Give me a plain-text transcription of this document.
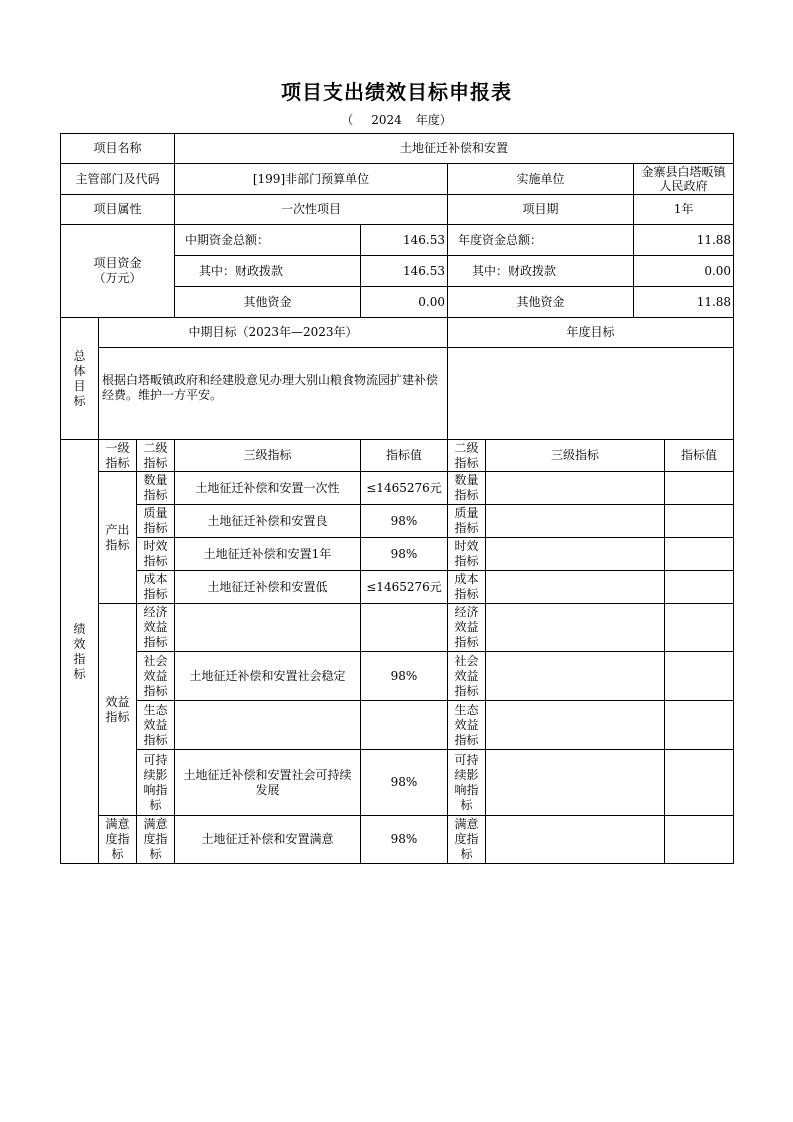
项目支出绩效目标申报表
（ 2024 年度）
项目名称			土地征迁补偿和安置					
主管部门及代码			[199]非部门预算单位		实施单位		金寨县白塔畈镇
人民政府	

项目属性			一次性项目		项目期		1年	

项目资金
（万元）			中期资金总额：	146.53	年度资金总额：		11.88	
			其中：财政拨款	146.53	其中：财政拨款		0.00	
			其他资金	0.00	其他资金		11.88	
总体目标	中期目标（2023年—2023年）				年度目标			
	根据白塔畈镇政府和经建股意见办理大别山粮食物流园扩建补偿经费。维护一方平安。							
绩效指标	一级指标	二级指标	三级指标	指标值	二级指标	三级指标		指标值
	产出指标	数量指标	土地征迁补偿和安置一次性	≤1465276元	数量指标			
		质量指标	土地征迁补偿和安置良	98%	质量指标			
		时效指标	土地征迁补偿和安置1年	98%	时效指标			
		成本指标	土地征迁补偿和安置低	≤1465276元	成本指标			
	效益指标	经济效益指标			经济效益指标			
		社会效益指标	土地征迁补偿和安置社会稳定	98%	社会效益指标			
		生态效益指标			生态效益指标			
		可持续影响指标	土地征迁补偿和安置社会可持续发展	98%	可持续影响指标			
	满意度指标	满意度指标	土地征迁补偿和安置满意	98%	满意度指标			
